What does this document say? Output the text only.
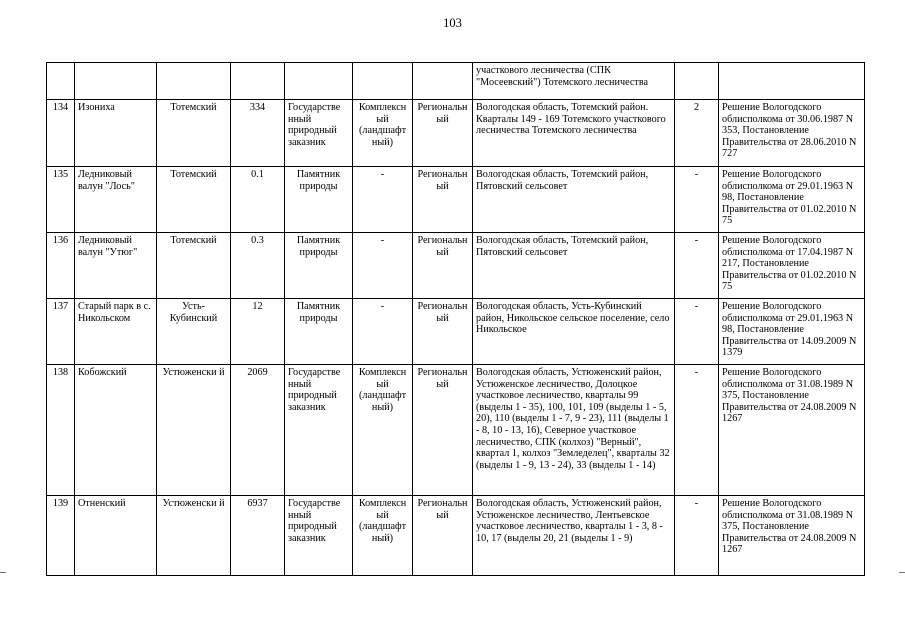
103
							участкового лесничества (СПК "Мосеевский") Тотемского лесничества		
134	Изониха	Тотемский	334	Государстве нный природный заказник	Комплексн ый (ландшафт ный)	Региональн ый	Вологодская область, Тотемский район. Кварталы 149 - 169 Тотемского участкового лесничества Тотемского лесничества	2	Решение Вологодского облисполкома от 30.06.1987 N 353, Постановление Правительства от 28.06.2010 N 727
135	Ледниковый валун "Лось"	Тотемский	0.1	Памятник природы	-	Региональн ый	Вологодская область, Тотемский район, Пятовский сельсовет	-	Решение Вологодского облисполкома от 29.01.1963 N 98, Постановление Правительства от 01.02.2010 N 75
136	Ледниковый валун "Утюг"	Тотемский	0.3	Памятник природы	-	Региональн ый	Вологодская область, Тотемский район, Пятовский сельсовет	-	Решение Вологодского облисполкома от 17.04.1987 N 217, Постановление Правительства от 01.02.2010 N 75
137	Старый парк в с. Никольском	Усть-Кубинский	12	Памятник природы	-	Региональн ый	Вологодская область, Усть-Кубинский район, Никольское сельское поселение, село Никольское	-	Решение Вологодского облисполкома от 29.01.1963 N 98, Постановление Правительства от 14.09.2009 N 1379
138	Кобожский	Устюженски й	2069	Государстве нный природный заказник	Комплексн ый (ландшафт ный)	Региональн ый	Вологодская область, Устюженский район, Устюженское лесничество, Долоцкое участковое лесничество, кварталы 99 (выделы 1 - 35), 100, 101, 109 (выделы 1 - 5, 20), 110 (выделы 1 - 7, 9 - 23), 111 (выделы 1 - 8, 10 - 13, 16), Северное участковое лесничество, СПК (колхоз) "Верный", квартал 1, колхоз "Земледелец", кварталы 32 (выделы 1 - 9, 13 - 24), 33 (выделы 1 - 14)	-	Решение Вологодского облисполкома от 31.08.1989 N 375, Постановление Правительства от 24.08.2009 N 1267
139	Отненский	Устюженски й	6937	Государстве нный природный заказник	Комплексн ый (ландшафт ный)	Региональн ый	Вологодская область, Устюженский район, Устюженское лесничество, Лентьевское участковое лесничество, кварталы 1 - 3, 8 - 10, 17 (выделы 20, 21 (выделы 1 - 9)	-	Решение Вологодского облисполкома от 31.08.1989 N 375, Постановление Правительства от 24.08.2009 N 1267
